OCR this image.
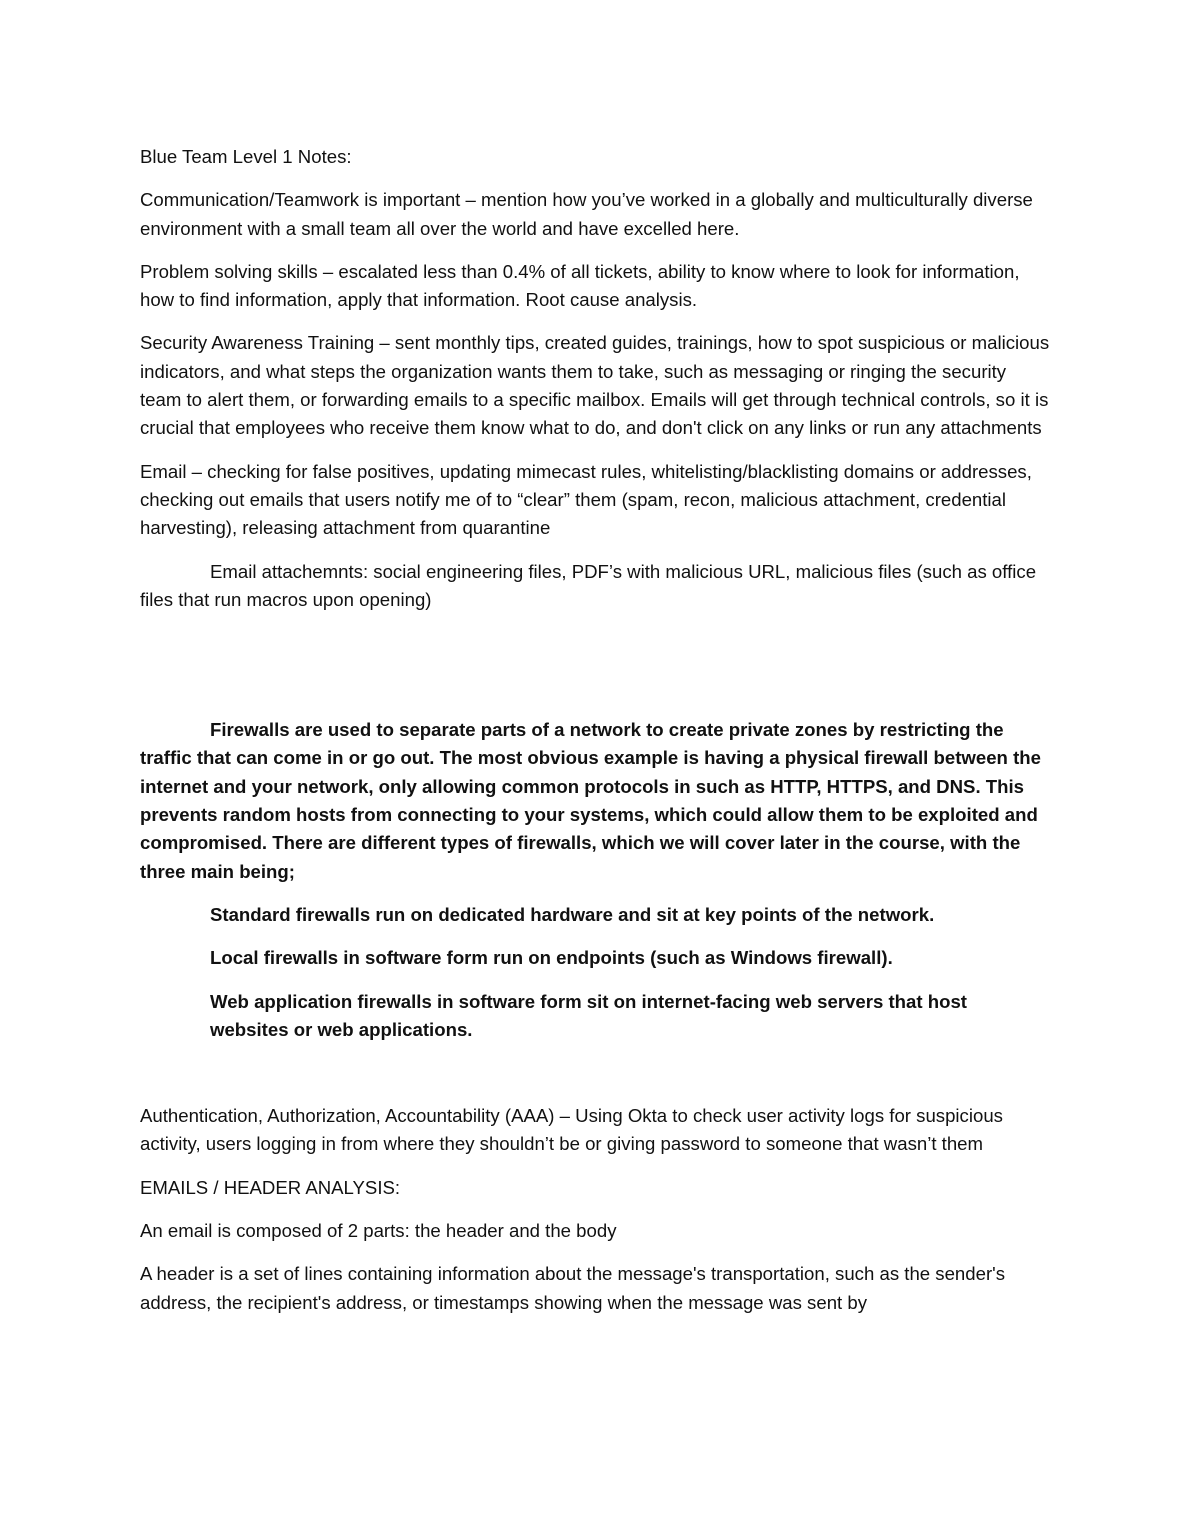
Blue Team Level 1 Notes:

Communication/Teamwork is important – mention how you’ve worked in a globally and multiculturally diverse environment with a small team all over the world and have excelled here.

Problem solving skills – escalated less than 0.4% of all tickets, ability to know where to look for information, how to find information, apply that information. Root cause analysis.

Security Awareness Training – sent monthly tips, created guides, trainings, how to spot suspicious or malicious indicators, and what steps the organization wants them to take, such as messaging or ringing the security team to alert them, or forwarding emails to a specific mailbox. Emails will get through technical controls, so it is crucial that employees who receive them know what to do, and don't click on any links or run any attachments

Email – checking for false positives, updating mimecast rules, whitelisting/blacklisting domains or addresses, checking out emails that users notify me of to “clear” them (spam, recon, malicious attachment, credential harvesting), releasing attachment from quarantine

Email attachemnts: social engineering files, PDF’s with malicious URL, malicious files (such as office files that run macros upon opening)

Firewalls are used to separate parts of a network to create private zones by restricting the traffic that can come in or go out. The most obvious example is having a physical firewall between the internet and your network, only allowing common protocols in such as HTTP, HTTPS, and DNS. This prevents random hosts from connecting to your systems, which could allow them to be exploited and compromised. There are different types of firewalls, which we will cover later in the course, with the three main being;

Standard firewalls run on dedicated hardware and sit at key points of the network.

Local firewalls in software form run on endpoints (such as Windows firewall).

Web application firewalls in software form sit on internet-facing web servers that host websites or web applications.

Authentication, Authorization, Accountability (AAA) – Using Okta to check user activity logs for suspicious activity, users logging in from where they shouldn’t be or giving password to someone that wasn’t them

EMAILS / HEADER ANALYSIS:

An email is composed of 2 parts: the header and the body

A header is a set of lines containing information about the message's transportation, such as the sender's address, the recipient's address, or timestamps showing when the message was sent by
